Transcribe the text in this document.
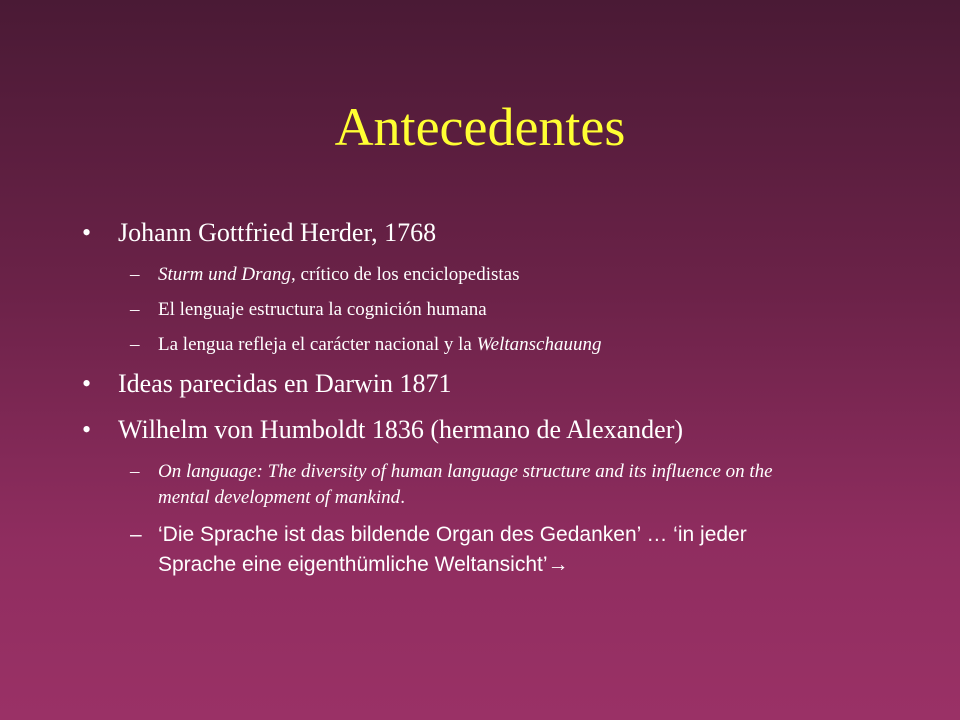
Antecedentes
• Johann Gottfried Herder, 1768
– Sturm und Drang, crítico de los enciclopedistas
– El lenguaje estructura la cognición humana
– La lengua refleja el carácter nacional y la Weltanschauung
• Ideas parecidas en Darwin 1871
• Wilhelm von Humboldt 1836 (hermano de Alexander)
– On language: The diversity of human language structure and its influence on the mental development of mankind.
– ‘Die Sprache ist das bildende Organ des Gedanken’ … ‘in jeder Sprache eine eigenthümliche Weltansicht’→
